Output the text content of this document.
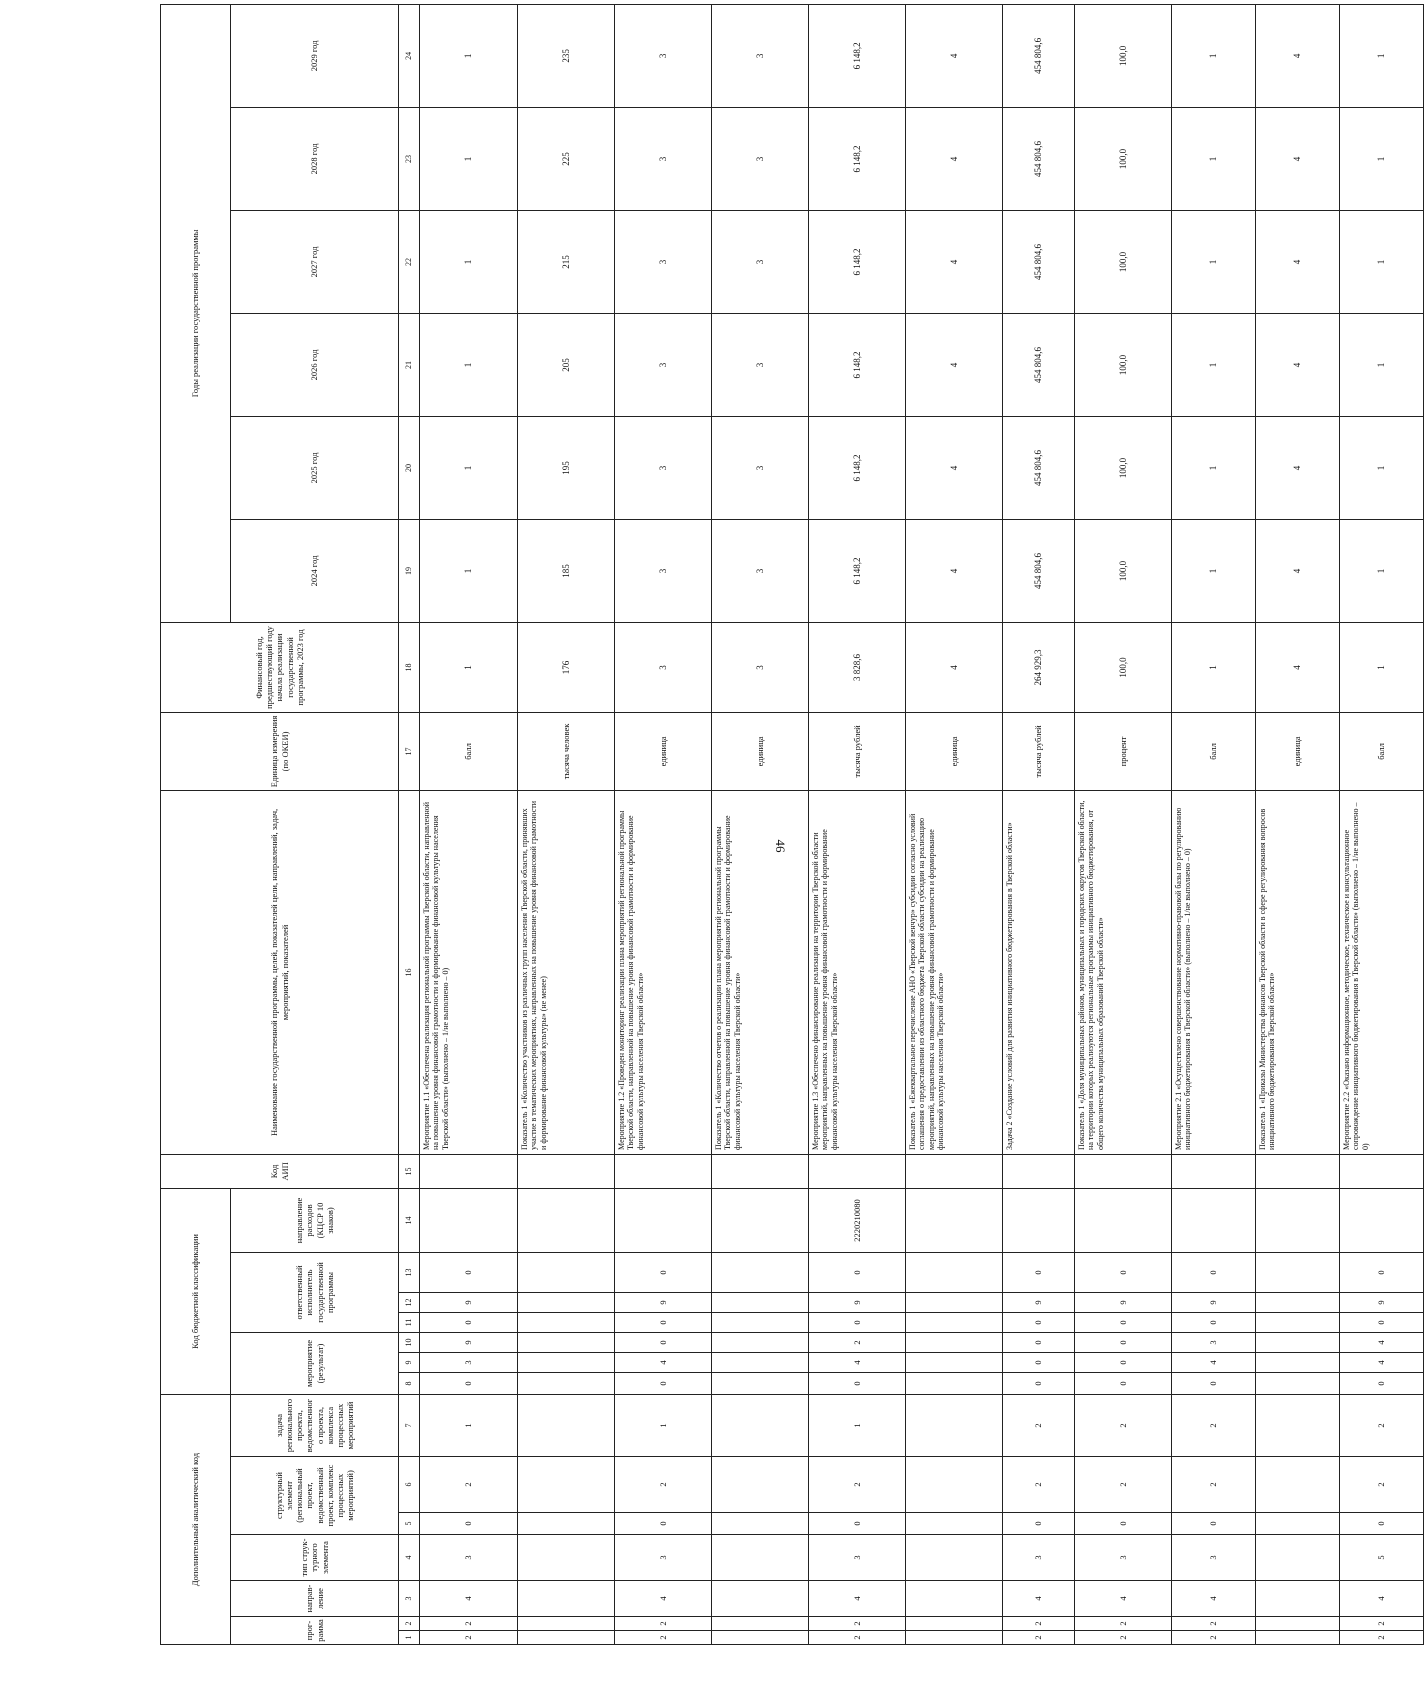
46
Дополнительный аналитический код							Код бюджетной классификации							Код АИП	Наименование государственной программы, целей, показателей цели, направлений, задач, мероприятий, показателей	Единица измерения (по ОКЕИ)	Финансовый год, предшествующий году начала реализации государственной программы, 2023 год	Годы реализации государственной программы					
прог-рамма		направ-ление	тип струк-турного элемента	структурный элемент (региональный проект, ведомственный проект, комплекс процессных мероприятий)		задача регионального проекта, ведомственного проекта, комплекса процессных мероприятий	мероприятие (результат)			ответственный исполнитель государственной программы			направление расходов (КЦСР 10 знаков)					2024 год	2025 год	2026 год	2027 год	2028 год	2029 год

1	2	3	4	5	6	7	8	9	10	11	12	13	14	15	16	17	18	19	20	21	22	23	24
2	2	4	3	0	2	1	0	3	9	0	9	0			Мероприятие 1.1 «Обеспечена реализация региональной программы Тверской области, направленной на повышение уровня финансовой грамотности и формирование финансовой культуры населения Тверской области» (выполнено – 1/не выполнено – 0)	балл	1	1	1	1	1	1	1
															Показатель 1 «Количество участников из различных групп населения Тверской области, принявших участие в тематических мероприятиях, направленных на повышение уровня финансовой грамотности и формирование финансовой культуры» (не менее)	тысяча человек	176	185	195	205	215	225	235
2	2	4	3	0	2	1	0	4	0	0	9	0			Мероприятие 1.2 «Проведен мониторинг реализации плана мероприятий региональной программы Тверской области, направленной на повышение уровня финансовой грамотности и формирование финансовой культуры населения Тверской области»	единица	3	3	3	3	3	3	3
															Показатель 1 «Количество отчетов о реализации плана мероприятий региональной программы Тверской области, направленной на повышение уровня финансовой грамотности и формирование финансовой культуры населения Тверской области»	единица	3	3	3	3	3	3	3
2	2	4	3	0	2	1	0	4	2	0	9	0	2220210080		Мероприятие 1.3 «Обеспечено финансирование реализации на территории Тверской области мероприятий, направленных на повышение уровня финансовой грамотности и формирование финансовой культуры населения Тверской области»	тысяча рублей	3 828,6	6 148,2	6 148,2	6 148,2	6 148,2	6 148,2	6 148,2
															Показатель 1 «Ежеквартальное перечисление АНО «Тверской венчур» субсидии согласно условий соглашения о предоставлении из областного бюджета Тверской области субсидии на реализацию мероприятий, направленных на повышение уровня финансовой грамотности и формирование финансовой культуры населения Тверской области»	единица	4	4	4	4	4	4	4
2	2	4	3	0	2	2	0	0	0	0	9	0			Задача 2 «Создание условий для развития инициативного бюджетирования в Тверской области»	тысяча рублей	264 929,3	454 804,6	454 804,6	454 804,6	454 804,6	454 804,6	454 804,6
2	2	4	3	0	2	2	0	0	0	0	9	0			Показатель 1 «Доля муниципальных районов, муниципальных и городских округов Тверской области, на территории которых реализуются региональные программы инициативного бюджетирования, от общего количества муниципальных образований Тверской области»	процент	100,0	100,0	100,0	100,0	100,0	100,0	100,0
2	2	4	3	0	2	2	0	4	3	0	9	0			Мероприятие 2.1 «Осуществлено совершенствование нормативно-правовой базы по регулированию инициативного бюджетирования в Тверской области» (выполнено – 1/не выполнено – 0)	балл	1	1	1	1	1	1	1
															Показатель 1 «Приказы Министерства финансов Тверской области в сфере регулирования вопросов инициативного бюджетирования Тверской области»	единица	4	4	4	4	4	4	4
2	2	4	5	0	2	2	0	4	4	0	9	0			Мероприятие 2.2 «Оказано информационное, методическое, техническое и консультационное сопровождение инициативного бюджетирования в Тверской области» (выполнено – 1/не выполнено – 0)	балл	1	1	1	1	1	1	1
